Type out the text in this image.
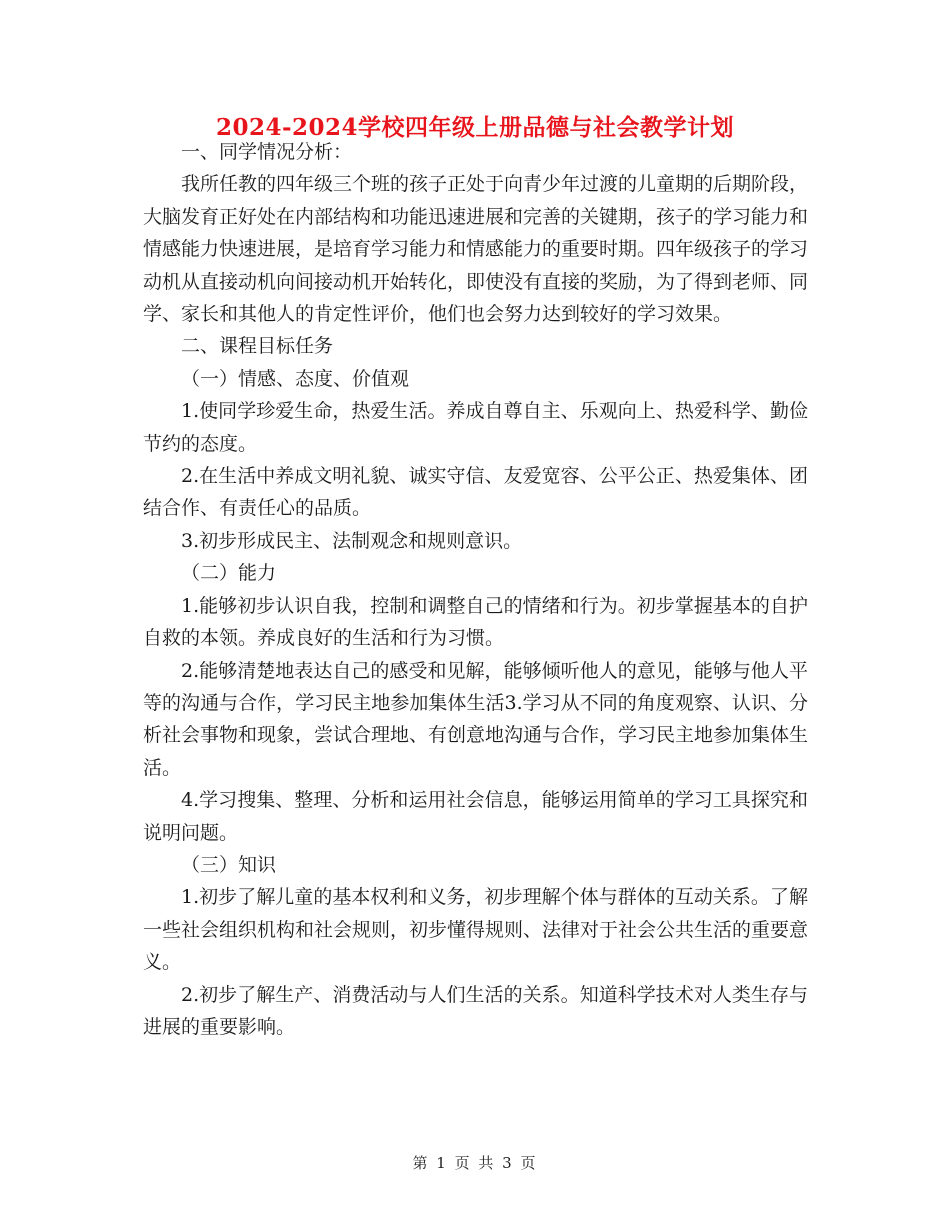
2024-2024学校四年级上册品德与社会教学计划

一、同学情况分析：

我所任教的四年级三个班的孩子正处于向青少年过渡的儿童期的后期阶段，大脑发育正好处在内部结构和功能迅速进展和完善的关键期，孩子的学习能力和情感能力快速进展，是培育学习能力和情感能力的重要时期。四年级孩子的学习动机从直接动机向间接动机开始转化，即使没有直接的奖励，为了得到老师、同学、家长和其他人的肯定性评价，他们也会努力达到较好的学习效果。

二、课程目标任务

（一）情感、态度、价值观

1.使同学珍爱生命，热爱生活。养成自尊自主、乐观向上、热爱科学、勤俭节约的态度。

2.在生活中养成文明礼貌、诚实守信、友爱宽容、公平公正、热爱集体、团结合作、有责任心的品质。

3.初步形成民主、法制观念和规则意识。

（二）能力

1.能够初步认识自我，控制和调整自己的情绪和行为。初步掌握基本的自护自救的本领。养成良好的生活和行为习惯。

2.能够清楚地表达自己的感受和见解，能够倾听他人的意见，能够与他人平等的沟通与合作，学习民主地参加集体生活3.学习从不同的角度观察、认识、分析社会事物和现象，尝试合理地、有创意地沟通与合作，学习民主地参加集体生活。

4.学习搜集、整理、分析和运用社会信息，能够运用简单的学习工具探究和说明问题。

（三）知识

1.初步了解儿童的基本权利和义务，初步理解个体与群体的互动关系。了解一些社会组织机构和社会规则，初步懂得规则、法律对于社会公共生活的重要意义。

2.初步了解生产、消费活动与人们生活的关系。知道科学技术对人类生存与进展的重要影响。

第 1 页 共 3 页
